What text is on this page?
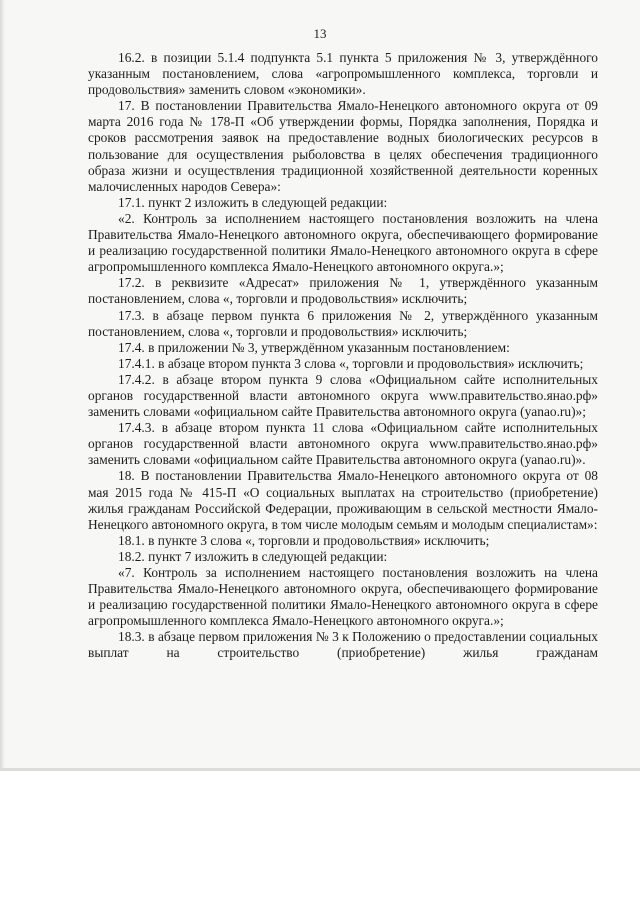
13

16.2. в позиции 5.1.4 подпункта 5.1 пункта 5 приложения № 3, утверждённого указанным постановлением, слова «агропромышленного комплекса, торговли и продовольствия» заменить словом «экономики».

17. В постановлении Правительства Ямало-Ненецкого автономного округа от 09 марта 2016 года № 178-П «Об утверждении формы, Порядка заполнения, Порядка и сроков рассмотрения заявок на предоставление водных биологических ресурсов в пользование для осуществления рыболовства в целях обеспечения традиционного образа жизни и осуществления традиционной хозяйственной деятельности коренных малочисленных народов Севера»:

17.1. пункт 2 изложить в следующей редакции:

«2. Контроль за исполнением настоящего постановления возложить на члена Правительства Ямало-Ненецкого автономного округа, обеспечивающего формирование и реализацию государственной политики Ямало-Ненецкого автономного округа в сфере агропромышленного комплекса Ямало-Ненецкого автономного округа.»;

17.2. в реквизите «Адресат» приложения № 1, утверждённого указанным постановлением, слова «, торговли и продовольствия» исключить;

17.3. в абзаце первом пункта 6 приложения № 2, утверждённого указанным постановлением, слова «, торговли и продовольствия» исключить;

17.4. в приложении № 3, утверждённом указанным постановлением:

17.4.1. в абзаце втором пункта 3 слова «, торговли и продовольствия» исключить;

17.4.2. в абзаце втором пункта 9 слова «Официальном сайте исполнительных органов государственной власти автономного округа www.правительство.янао.рф» заменить словами «официальном сайте Правительства автономного округа (yanao.ru)»;

17.4.3. в абзаце втором пункта 11 слова «Официальном сайте исполнительных органов государственной власти автономного округа www.правительство.янао.рф» заменить словами «официальном сайте Правительства автономного округа (yanao.ru)».

18. В постановлении Правительства Ямало-Ненецкого автономного округа от 08 мая 2015 года № 415-П «О социальных выплатах на строительство (приобретение) жилья гражданам Российской Федерации, проживающим в сельской местности Ямало-Ненецкого автономного округа, в том числе молодым семьям и молодым специалистам»:

18.1. в пункте 3 слова «, торговли и продовольствия» исключить;

18.2. пункт 7 изложить в следующей редакции:

«7. Контроль за исполнением настоящего постановления возложить на члена Правительства Ямало-Ненецкого автономного округа, обеспечивающего формирование и реализацию государственной политики Ямало-Ненецкого автономного округа в сфере агропромышленного комплекса Ямало-Ненецкого автономного округа.»;

18.3. в абзаце первом приложения № 3 к Положению о предоставлении социальных выплат на строительство (приобретение) жилья гражданам
